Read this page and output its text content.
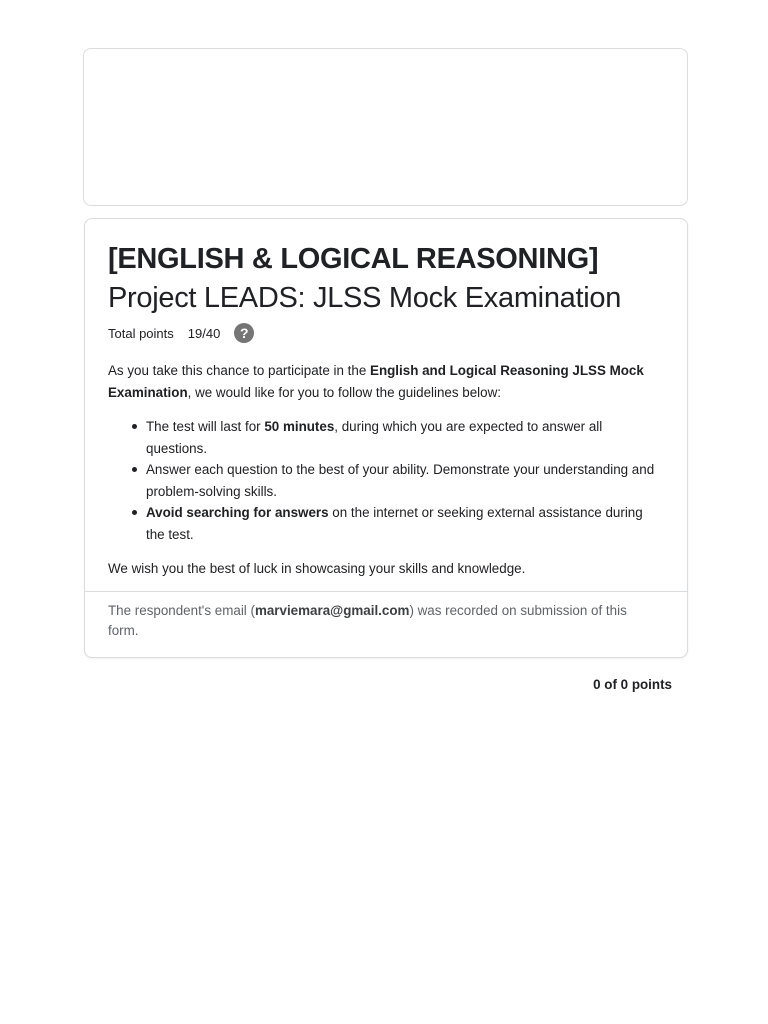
[ENGLISH & LOGICAL REASONING]
Project LEADS: JLSS Mock Examination
Total points 19/40	?

As you take this chance to participate in the English and Logical Reasoning JLSS Mock Examination, we would like for you to follow the guidelines below:

The test will last for 50 minutes, during which you are expected to answer all questions.
Answer each question to the best of your ability. Demonstrate your understanding and problem-solving skills.
Avoid searching for answers on the internet or seeking external assistance during the test.

We wish you the best of luck in showcasing your skills and knowledge.

The respondent's email (marviemara@gmail.com) was recorded on submission of this form.

0 of 0 points
